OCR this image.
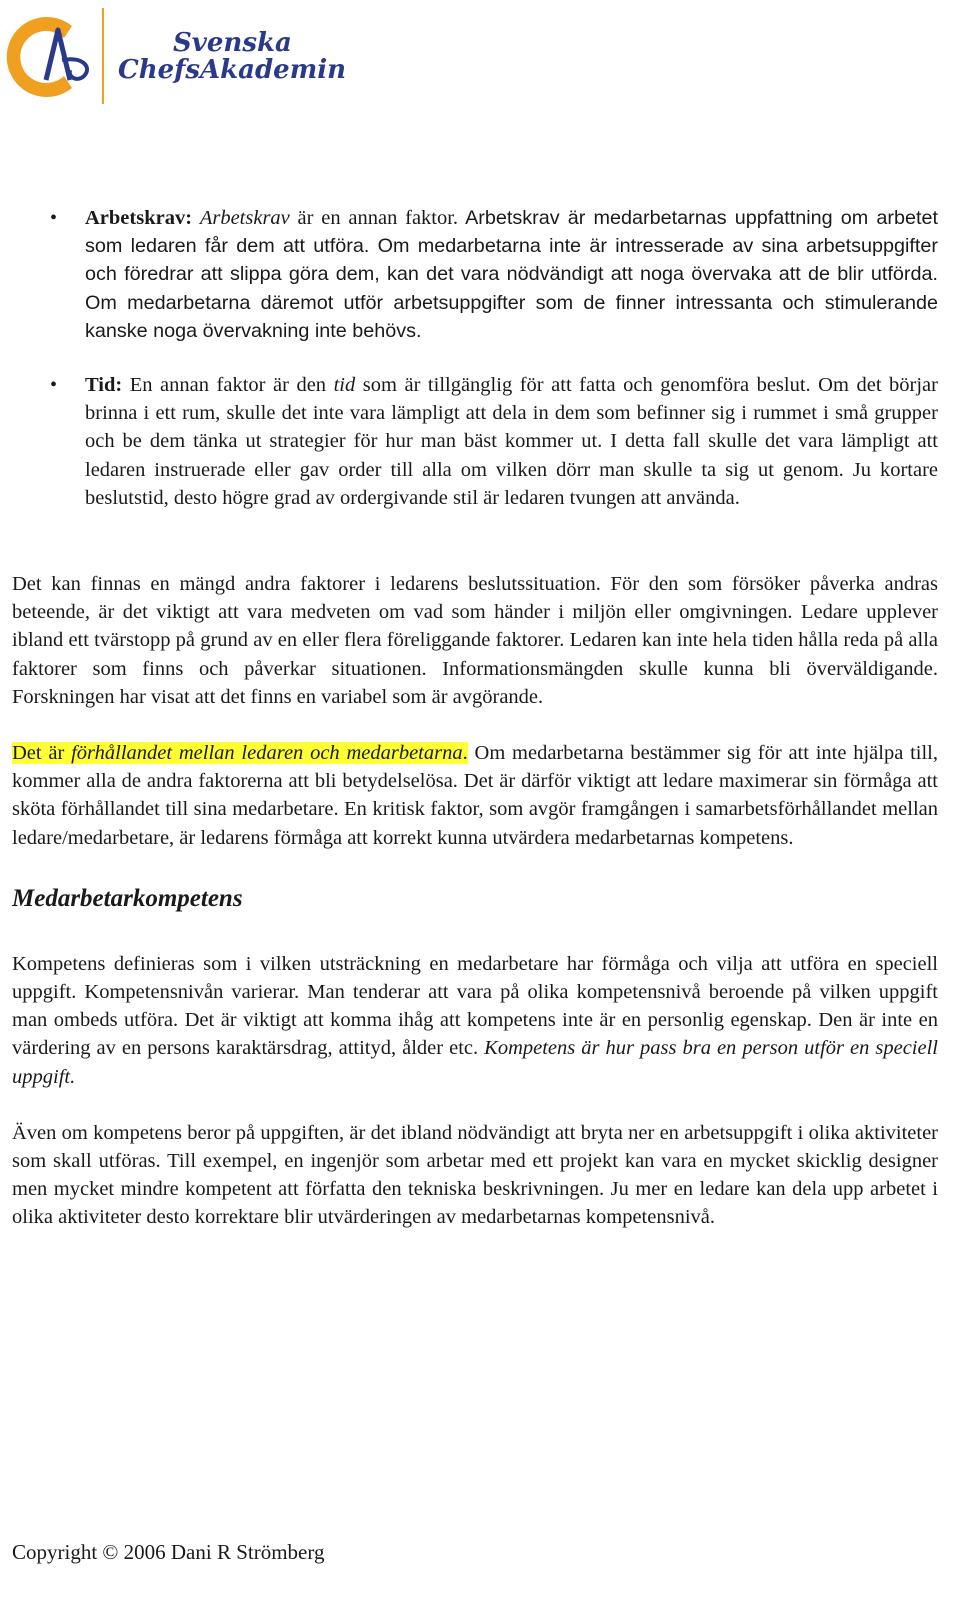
Svenska
ChefsAkademin
• Arbetskrav: Arbetskrav är en annan faktor. Arbetskrav är medarbetarnas uppfattning om arbetet som ledaren får dem att utföra. Om medarbetarna inte är intresserade av sina arbetsuppgifter och föredrar att slippa göra dem, kan det vara nödvändigt att noga övervaka att de blir utförda. Om medarbetarna däremot utför arbetsuppgifter som de finner intressanta och stimulerande kanske noga övervakning inte behövs.
• Tid: En annan faktor är den tid som är tillgänglig för att fatta och genomföra beslut. Om det börjar brinna i ett rum, skulle det inte vara lämpligt att dela in dem som befinner sig i rummet i små grupper och be dem tänka ut strategier för hur man bäst kommer ut. I detta fall skulle det vara lämpligt att ledaren instruerade eller gav order till alla om vilken dörr man skulle ta sig ut genom. Ju kortare beslutstid, desto högre grad av ordergivande stil är ledaren tvungen att använda.

Det kan finnas en mängd andra faktorer i ledarens beslutssituation. För den som försöker påverka andras beteende, är det viktigt att vara medveten om vad som händer i miljön eller omgivningen. Ledare upplever ibland ett tvärstopp på grund av en eller flera föreliggande faktorer. Ledaren kan inte hela tiden hålla reda på alla faktorer som finns och påverkar situationen. Informationsmängden skulle kunna bli överväldigande. Forskningen har visat att det finns en variabel som är avgörande.

Det är förhållandet mellan ledaren och medarbetarna. Om medarbetarna bestämmer sig för att inte hjälpa till, kommer alla de andra faktorerna att bli betydelselösa. Det är därför viktigt att ledare maximerar sin förmåga att sköta förhållandet till sina medarbetare. En kritisk faktor, som avgör framgången i samarbetsförhållandet mellan ledare/medarbetare, är ledarens förmåga att korrekt kunna utvärdera medarbetarnas kompetens.

Medarbetarkompetens

Kompetens definieras som i vilken utsträckning en medarbetare har förmåga och vilja att utföra en speciell uppgift. Kompetensnivån varierar. Man tenderar att vara på olika kompetensnivå beroende på vilken uppgift man ombeds utföra. Det är viktigt att komma ihåg att kompetens inte är en personlig egenskap. Den är inte en värdering av en persons karaktärsdrag, attityd, ålder etc. Kompetens är hur pass bra en person utför en speciell uppgift.

Även om kompetens beror på uppgiften, är det ibland nödvändigt att bryta ner en arbetsuppgift i olika aktiviteter som skall utföras. Till exempel, en ingenjör som arbetar med ett projekt kan vara en mycket skicklig designer men mycket mindre kompetent att författa den tekniska beskrivningen. Ju mer en ledare kan dela upp arbetet i olika aktiviteter desto korrektare blir utvärderingen av medarbetarnas kompetensnivå.

Copyright © 2006 Dani R Strömberg
